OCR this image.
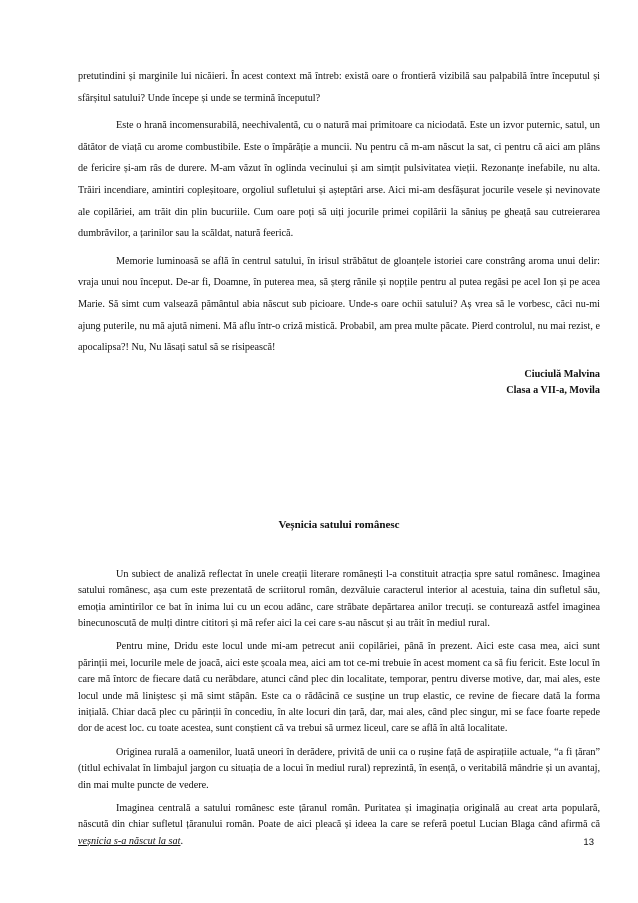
pretutindini și marginile lui nicăieri. În acest context mă întreb: există oare o frontieră vizibilă sau palpabilă între începutul și sfârșitul satului? Unde începe și unde se termină începutul?

Este o hrană incomensurabilă, neechivalentă, cu o natură mai primitoare ca niciodată. Este un izvor puternic, satul, un dătător de viață cu arome combustibile. Este o împărăție a muncii. Nu pentru că m-am născut la sat, ci pentru că aici am plâns de fericire și-am râs de durere. M-am văzut în oglinda vecinului și am simțit pulsivitatea vieții. Rezonanțe inefabile, nu alta. Trăiri incendiare, amintiri copleșitoare, orgoliul sufletului și așteptări arse. Aici mi-am desfășurat jocurile vesele și nevinovate ale copilăriei, am trăit din plin bucuriile. Cum oare poți să uiți jocurile primei copilării la săniuș pe gheață sau cutreierarea dumbrăvilor, a țarinilor sau la scăldat, natură feerică.

Memorie luminoasă se află în centrul satului, în irisul străbătut de gloanțele istoriei care constrâng aroma unui delir: vraja unui nou început. De-ar fi, Doamne, în puterea mea, să șterg rănile și nopțile pentru al putea regăsi pe acel Ion și pe acea Marie. Să simt cum valsează pământul abia născut sub picioare. Unde-s oare ochii satului? Aș vrea să le vorbesc, căci nu-mi ajung puterile, nu mă ajută nimeni. Mă aflu într-o criză mistică. Probabil, am prea multe păcate. Pierd controlul, nu mai rezist, e apocalipsa?! Nu, Nu lăsați satul să se risipească!

Ciuciulă Malvina
Clasa a VII-a, Movila
Veșnicia satului românesc

Un subiect de analiză reflectat în unele creații literare românești l-a constituit atracția spre satul românesc. Imaginea satului românesc, așa cum este prezentată de scriitorul român, dezvăluie caracterul interior al acestuia, taina din sufletul său, emoția amintirilor ce bat în inima lui cu un ecou adânc, care străbate depărtarea anilor trecuți. se conturează astfel imaginea binecunoscută de mulți dintre cititori și mă refer aici la cei care s-au născut și au trăit în mediul rural.

Pentru mine, Dridu este locul unde mi-am petrecut anii copilăriei, până în prezent. Aici este casa mea, aici sunt părinții mei, locurile mele de joacă, aici este școala mea, aici am tot ce-mi trebuie în acest moment ca să fiu fericit. Este locul în care mă întorc de fiecare dată cu nerăbdare, atunci când plec din localitate, temporar, pentru diverse motive, dar, mai ales, este locul unde mă liniștesc și mă simt stăpân. Este ca o rădăcină ce susține un trup elastic, ce revine de fiecare dată la forma inițială. Chiar dacă plec cu părinții în concediu, în alte locuri din țară, dar, mai ales, când plec singur, mi se face foarte repede dor de acest loc. cu toate acestea, sunt conștient că va trebui să urmez liceul, care se află în altă localitate.

Originea rurală a oamenilor, luată uneori în derădere, privită de unii ca o rușine față de aspirațiile actuale, “a fi țăran” (titlul echivalat în limbajul jargon cu situația de a locui în mediul rural) reprezintă, în esență, o veritabilă mândrie și un avantaj, din mai multe puncte de vedere.

Imaginea centrală a satului românesc este țăranul român. Puritatea și imaginația originală au creat arta populară, născută din chiar sufletul țăranului român. Poate de aici pleacă și ideea la care se referă poetul Lucian Blaga când afirmă că veșnicia s-a născut la sat.	13
